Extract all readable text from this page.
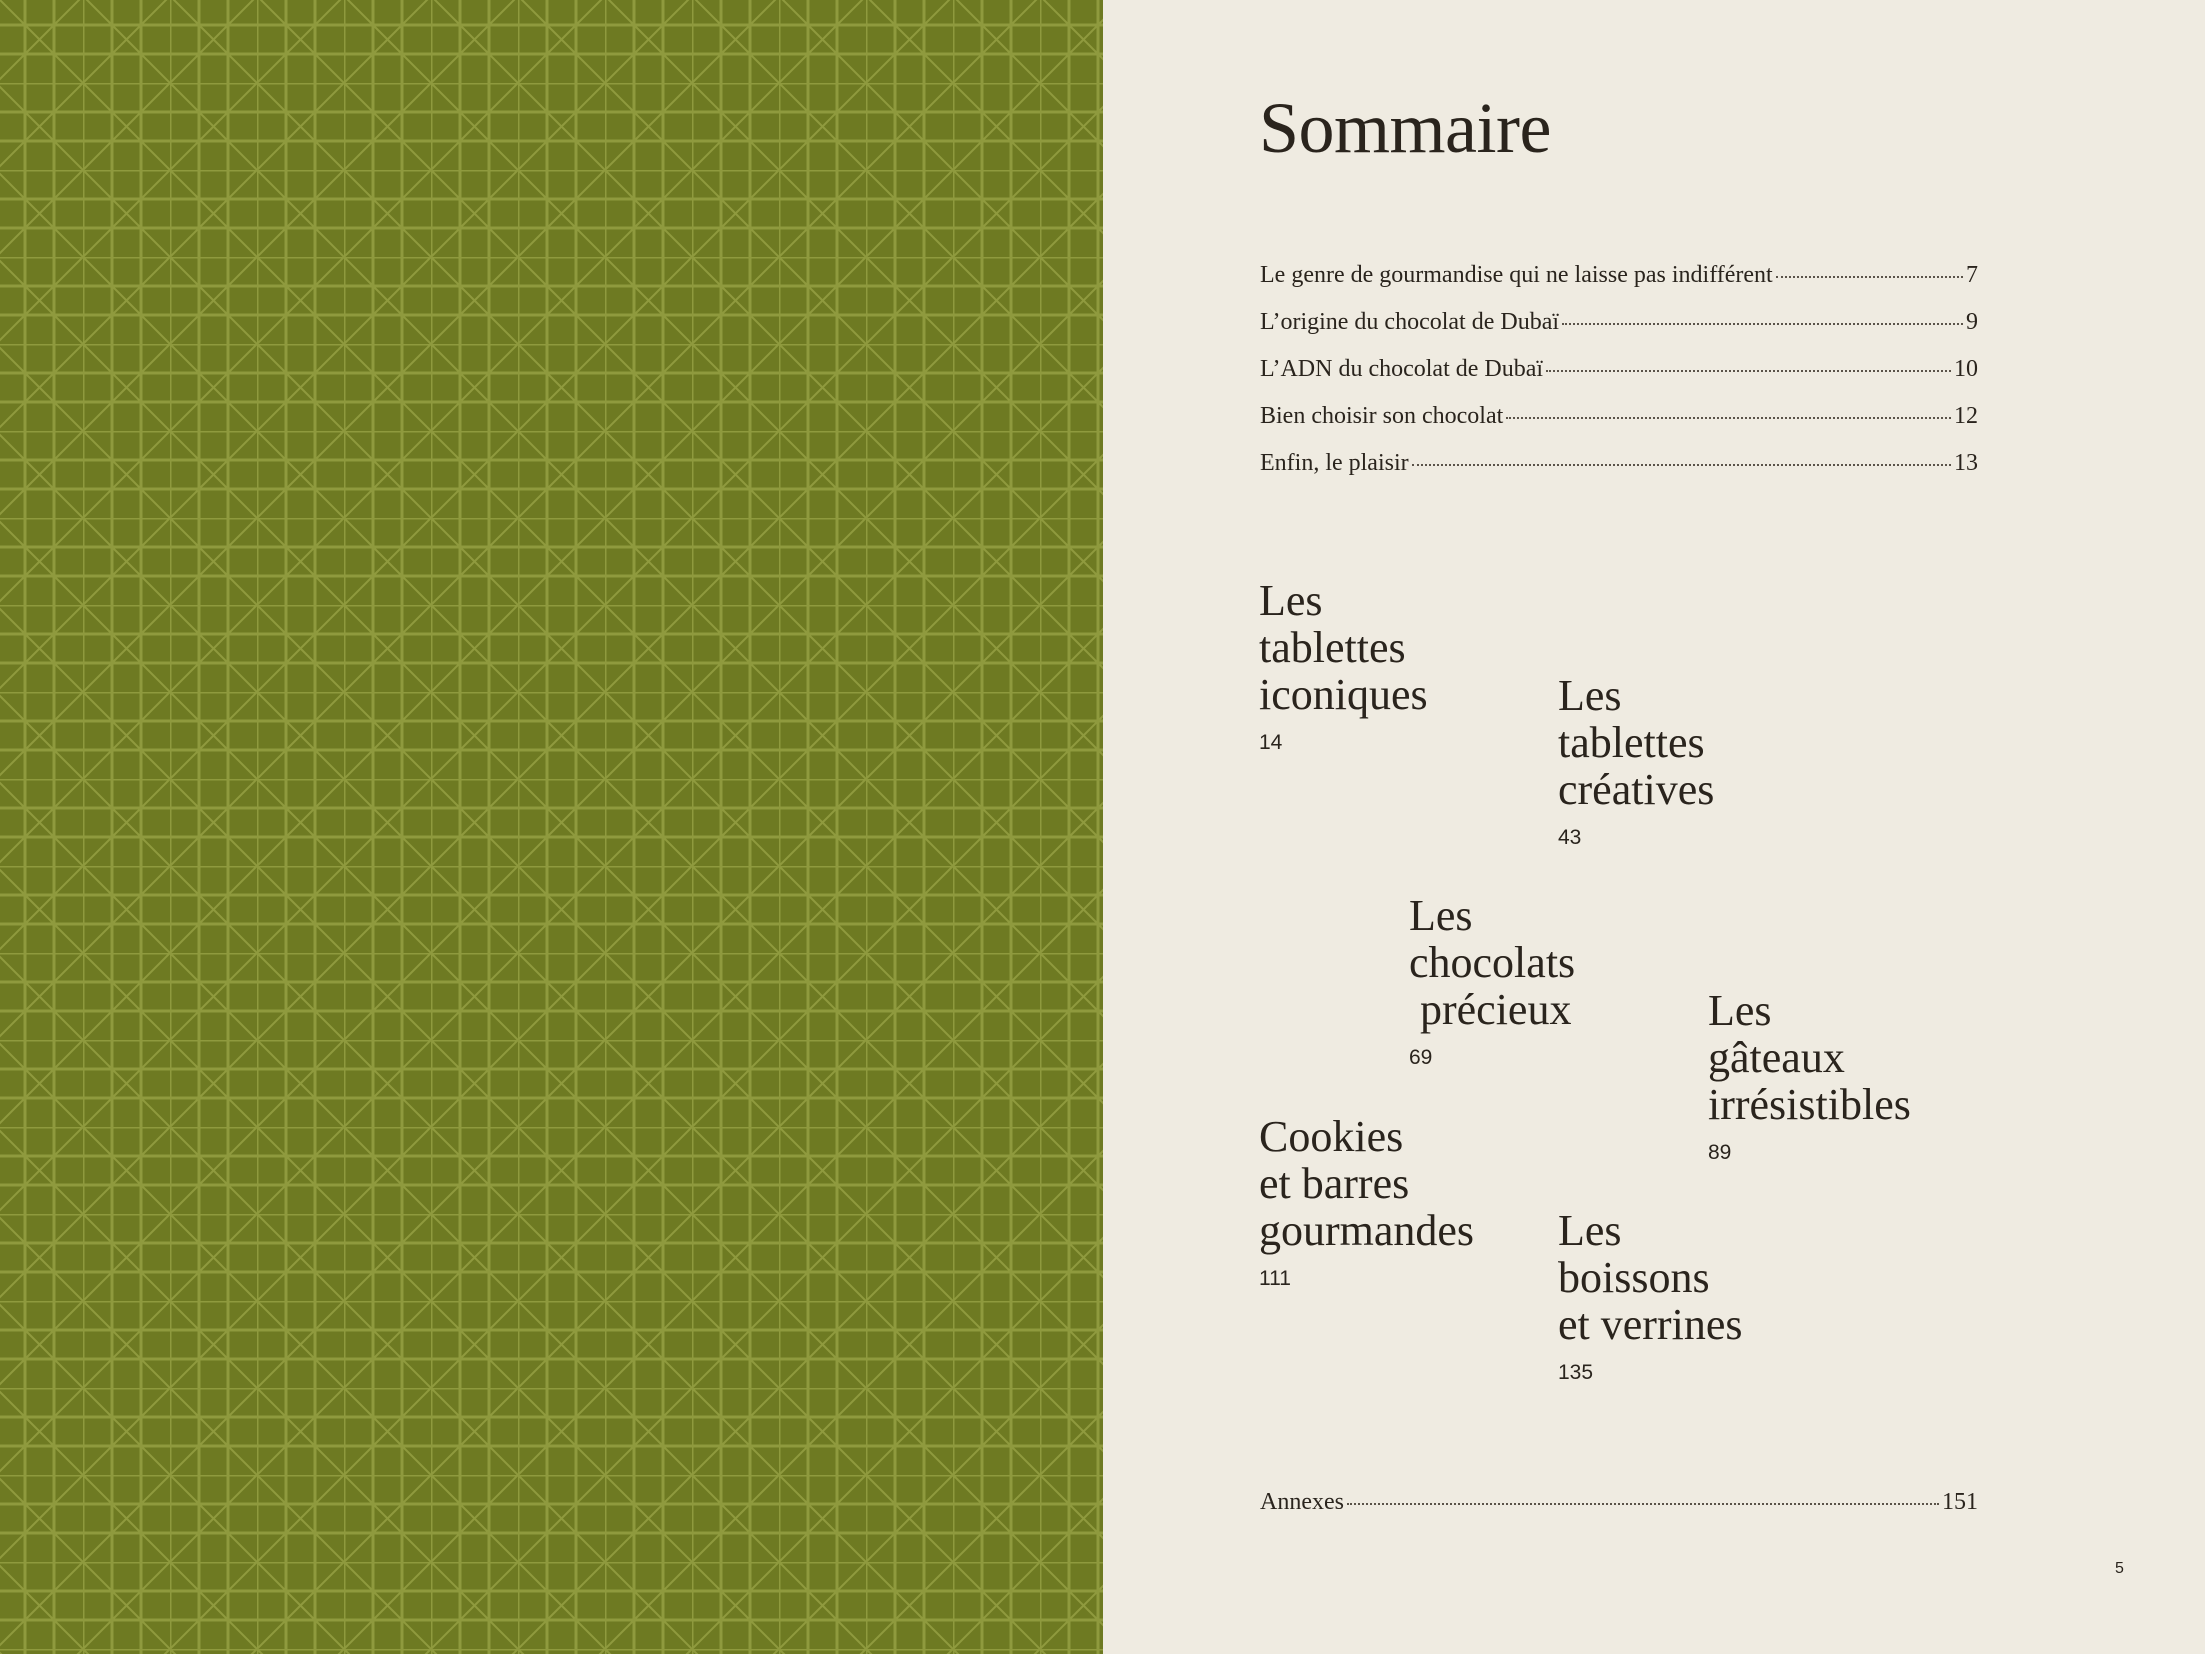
Sommaire
Le genre de gourmandise qui ne laisse pas indifférent	7
L’origine du chocolat de Dubaï	9
L’ADN du chocolat de Dubaï	10
Bien choisir son chocolat	12
Enfin, le plaisir	13
Les
tablettes
iconiques
14
Les
tablettes
créatives
43
Les
chocolats
précieux
69
Les
gâteaux
irrésistibles
89
Cookies
et barres
gourmandes
111
Les
boissons
et verrines
135
Annexes	151
5
